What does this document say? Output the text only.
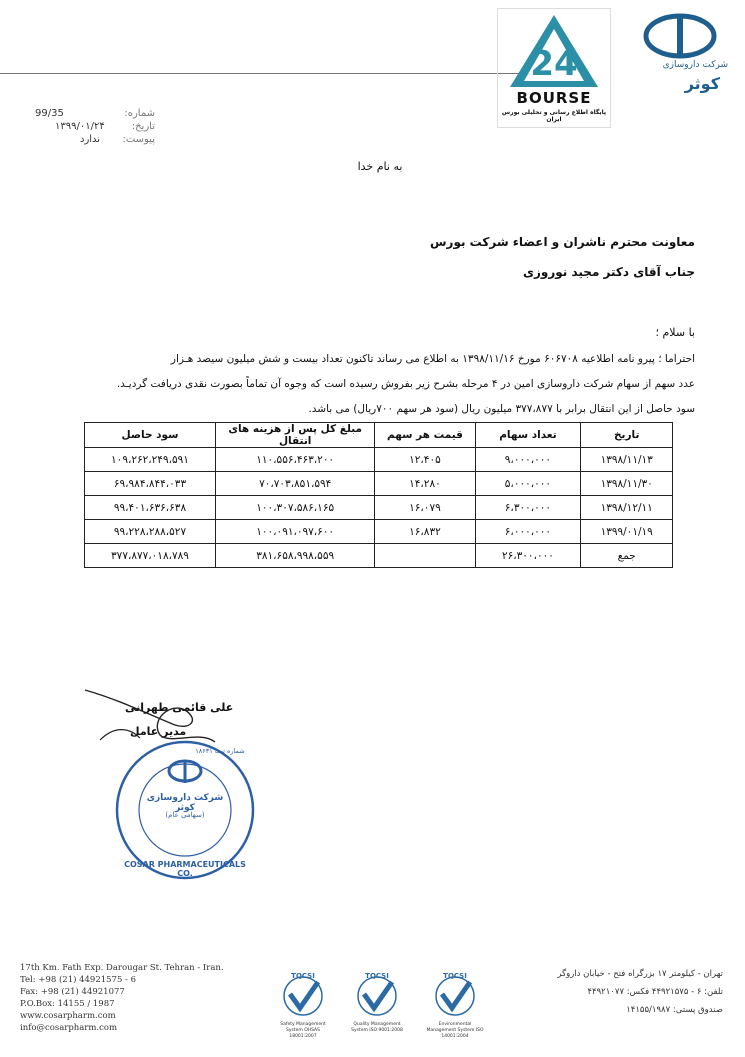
24
BOURSE
پایگاه اطلاع رسانی و تحلیلی بورس ایران
شرکت داروسازی
کوثر
99/35	شماره:
۱۳۹۹/۰۱/۲۴	تاریخ:
ندارد پیوست:
به نام خدا
معاونت محترم ناشران و اعضاء شرکت بورس
جناب آقای دکتر مجید نوروزی
با سلام ؛
احتراما ؛ پیرو نامه اطلاعیه ۶۰۶۷۰۸ مورخ ۱۳۹۸/۱۱/۱۶ به اطلاع می رساند تاکنون تعداد بیست و شش میلیون سیصد هـزار
عدد سهم از سهام شرکت داروسازی امین در ۴ مرحله بشرح زیر بفروش رسیده است که وجوه آن تماماً بصورت نقدی دریافت گردیـد.
سود حاصل از این انتقال برابر با ۳۷۷،۸۷۷ میلیون ریال (سود هر سهم ۷۰۰ریال) می باشد.
تاریخ	تعداد سهام	قیمت هر سهم	مبلغ کل پس از هزینه های انتقال	سود حاصل
۱۳۹۸/۱۱/۱۳	۹،۰۰۰،۰۰۰	۱۲،۴۰۵	۱۱۰،۵۵۶،۴۶۳،۲۰۰	۱۰۹،۲۶۲،۲۴۹،۵۹۱
۱۳۹۸/۱۱/۳۰	۵،۰۰۰،۰۰۰	۱۴،۲۸۰	۷۰،۷۰۳،۸۵۱،۵۹۴	۶۹،۹۸۴،۸۴۴،۰۳۳
۱۳۹۸/۱۲/۱۱	۶،۳۰۰،۰۰۰	۱۶،۰۷۹	۱۰۰،۳۰۷،۵۸۶،۱۶۵	۹۹،۴۰۱،۶۳۶،۶۳۸
۱۳۹۹/۰۱/۱۹	۶،۰۰۰،۰۰۰	۱۶،۸۳۲	۱۰۰،۰۹۱،۰۹۷،۶۰۰	۹۹،۲۲۸،۲۸۸،۵۲۷
جمع	۲۶،۳۰۰،۰۰۰		۳۸۱،۶۵۸،۹۹۸،۵۵۹	۳۷۷،۸۷۷،۰۱۸،۷۸۹
علی قائمی طهرانی
مدیر عامل
COSAR PHARMACEUTICALS CO.
شرکت داروسازی کوثر
(سهامی عام)
شماره ثبت ۱۸۶۳۱
17th Km. Fath Exp. Darougar St. Tehran - Iran.
Tel: +98 (21) 44921575 - 6
Fax: +98 (21) 44921077
P.O.Box: 14155 / 1987
www.cosarpharm.com
info@cosarpharm.com
TQCSI
Safety Management System OHSAS 18001:2007
TQCSI
Quality Management System ISO 9001:2008
TQCSI
Environmental Management System ISO 14001:2004
تهران - کیلومتر ۱۷ بزرگراه فتح - خیابان داروگر
تلفن: ۶ - ۴۴۹۲۱۵۷۵ فکس: ۴۴۹۲۱۰۷۷
صندوق پستی: ۱۴۱۵۵/۱۹۸۷
